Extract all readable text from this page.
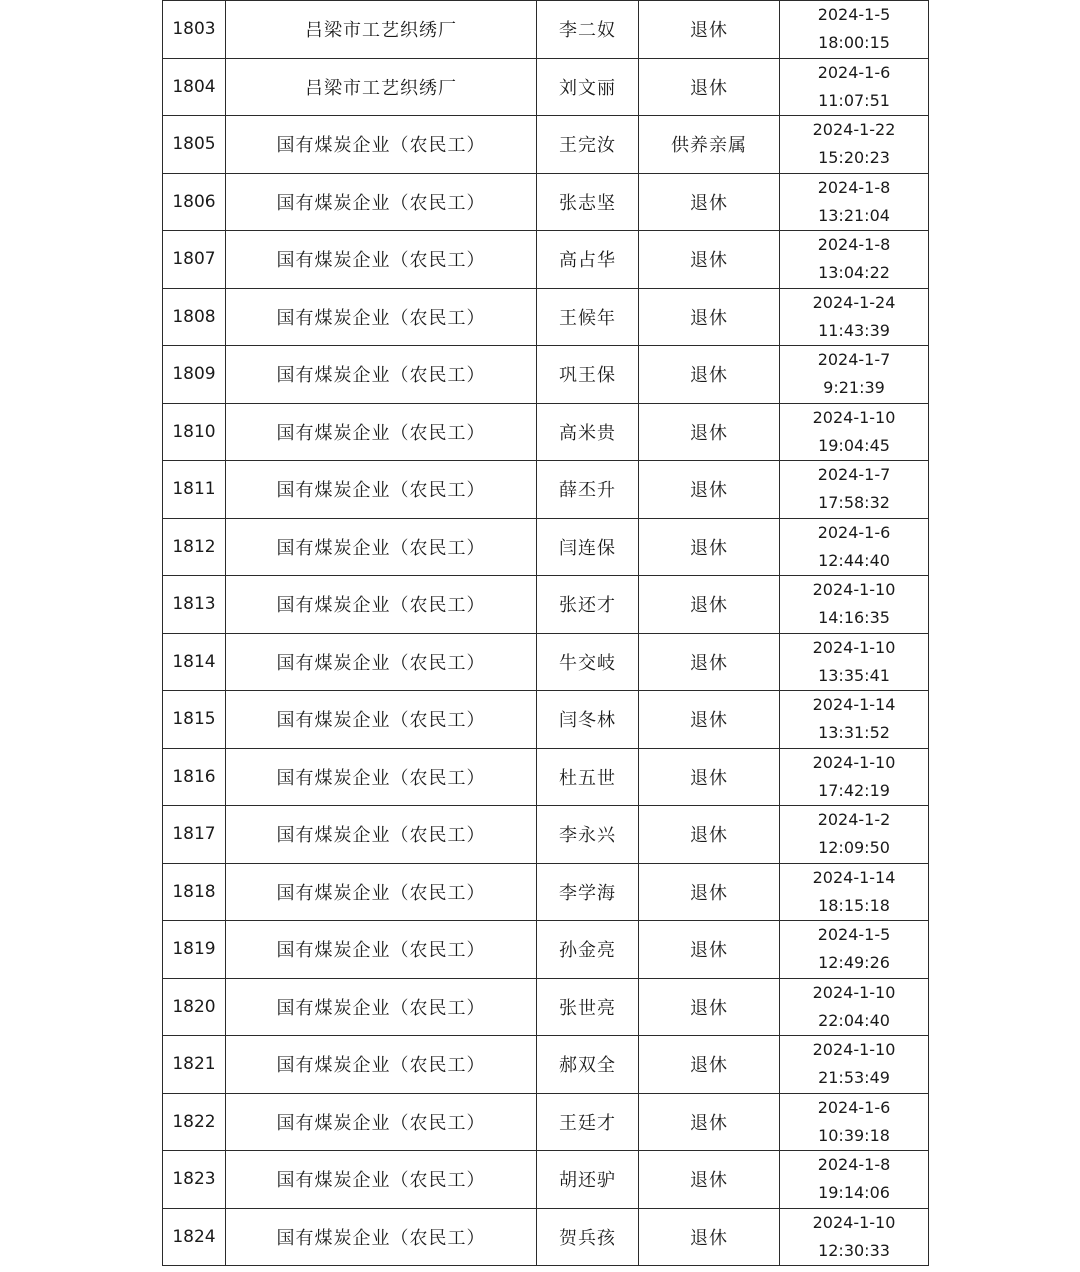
1803	吕梁市工艺织绣厂	李二奴	退休	2024-1-5
18:00:15

1804	吕梁市工艺织绣厂	刘文丽	退休	2024-1-6
11:07:51

1805	国有煤炭企业（农民工）	王完汝	供养亲属	2024-1-22
15:20:23

1806	国有煤炭企业（农民工）	张志坚	退休	2024-1-8
13:21:04

1807	国有煤炭企业（农民工）	高占华	退休	2024-1-8
13:04:22

1808	国有煤炭企业（农民工）	王候年	退休	2024-1-24
11:43:39

1809	国有煤炭企业（农民工）	巩王保	退休	2024-1-7
9:21:39

1810	国有煤炭企业（农民工）	高米贵	退休	2024-1-10
19:04:45

1811	国有煤炭企业（农民工）	薛丕升	退休	2024-1-7
17:58:32

1812	国有煤炭企业（农民工）	闫连保	退休	2024-1-6
12:44:40

1813	国有煤炭企业（农民工）	张还才	退休	2024-1-10
14:16:35

1814	国有煤炭企业（农民工）	牛交岐	退休	2024-1-10
13:35:41

1815	国有煤炭企业（农民工）	闫冬林	退休	2024-1-14
13:31:52

1816	国有煤炭企业（农民工）	杜五世	退休	2024-1-10
17:42:19

1817	国有煤炭企业（农民工）	李永兴	退休	2024-1-2
12:09:50

1818	国有煤炭企业（农民工）	李学海	退休	2024-1-14
18:15:18

1819	国有煤炭企业（农民工）	孙金亮	退休	2024-1-5
12:49:26

1820	国有煤炭企业（农民工）	张世亮	退休	2024-1-10
22:04:40

1821	国有煤炭企业（农民工）	郝双全	退休	2024-1-10
21:53:49

1822	国有煤炭企业（农民工）	王廷才	退休	2024-1-6
10:39:18

1823	国有煤炭企业（农民工）	胡还驴	退休	2024-1-8
19:14:06

1824	国有煤炭企业（农民工）	贺兵孩	退休	2024-1-10
12:30:33
